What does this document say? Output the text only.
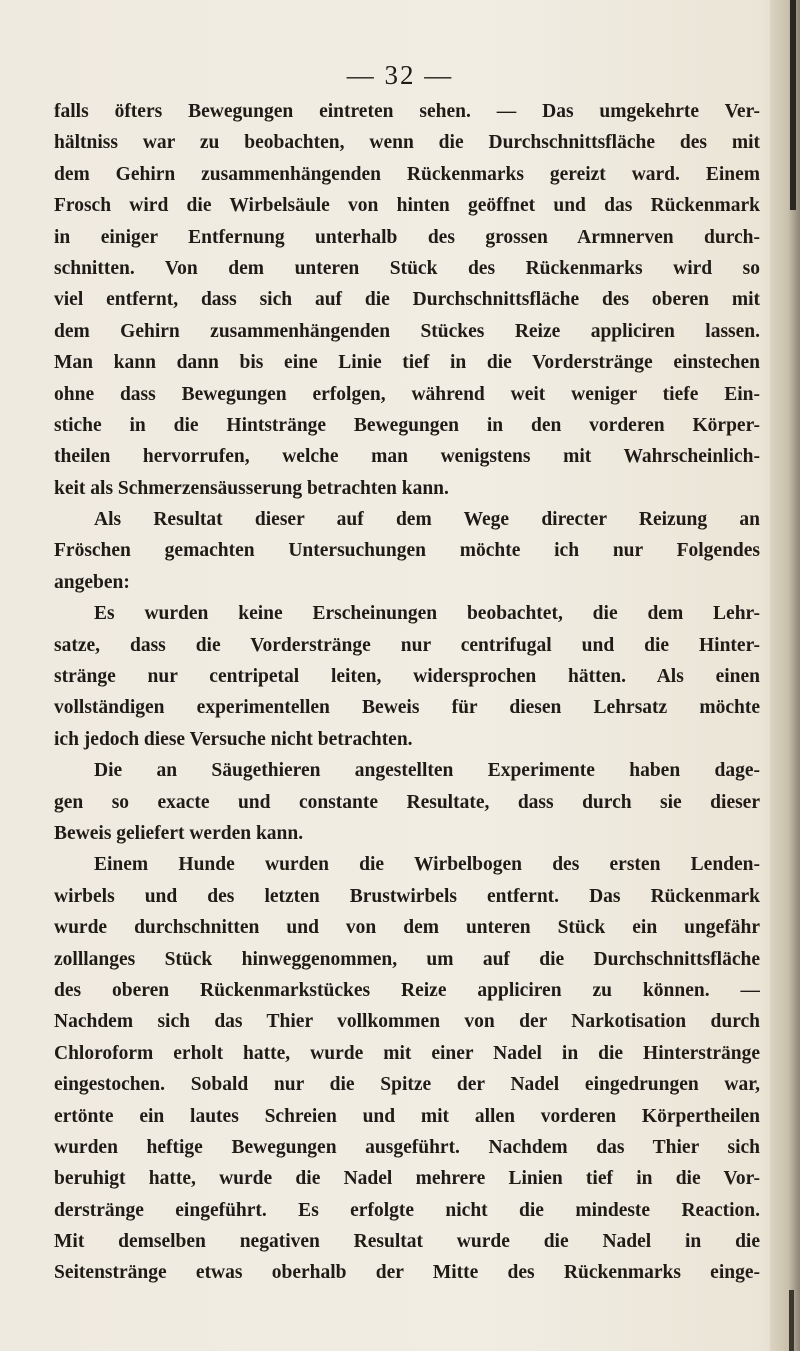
— 32 —
falls öfters Bewegungen eintreten sehen. — Das umgekehrte Ver-
hältniss war zu beobachten, wenn die Durchschnittsfläche des mit
dem Gehirn zusammenhängenden Rückenmarks gereizt ward. Einem
Frosch wird die Wirbelsäule von hinten geöffnet und das Rückenmark
in einiger Entfernung unterhalb des grossen Armnerven durch-
schnitten. Von dem unteren Stück des Rückenmarks wird so
viel entfernt, dass sich auf die Durchschnittsfläche des oberen mit
dem Gehirn zusammenhängenden Stückes Reize appliciren lassen.
Man kann dann bis eine Linie tief in die Vorderstränge einstechen
ohne dass Bewegungen erfolgen, während weit weniger tiefe Ein-
stiche in die Hintstränge Bewegungen in den vorderen Körper-
theilen hervorrufen, welche man wenigstens mit Wahrscheinlich-
keit als Schmerzensäusserung betrachten kann.
Als Resultat dieser auf dem Wege directer Reizung an
Fröschen gemachten Untersuchungen möchte ich nur Folgendes
angeben:
Es wurden keine Erscheinungen beobachtet, die dem Lehr-
satze, dass die Vorderstränge nur centrifugal und die Hinter-
stränge nur centripetal leiten, widersprochen hätten. Als einen
vollständigen experimentellen Beweis für diesen Lehrsatz möchte
ich jedoch diese Versuche nicht betrachten.
Die an Säugethieren angestellten Experimente haben dage-
gen so exacte und constante Resultate, dass durch sie dieser
Beweis geliefert werden kann.
Einem Hunde wurden die Wirbelbogen des ersten Lenden-
wirbels und des letzten Brustwirbels entfernt. Das Rückenmark
wurde durchschnitten und von dem unteren Stück ein ungefähr
zolllanges Stück hinweggenommen, um auf die Durchschnittsfläche
des oberen Rückenmarkstückes Reize appliciren zu können. —
Nachdem sich das Thier vollkommen von der Narkotisation durch
Chloroform erholt hatte, wurde mit einer Nadel in die Hinterstränge
eingestochen. Sobald nur die Spitze der Nadel eingedrungen war,
ertönte ein lautes Schreien und mit allen vorderen Körpertheilen
wurden heftige Bewegungen ausgeführt. Nachdem das Thier sich
beruhigt hatte, wurde die Nadel mehrere Linien tief in die Vor-
derstränge eingeführt. Es erfolgte nicht die mindeste Reaction.
Mit demselben negativen Resultat wurde die Nadel in die
Seitenstränge etwas oberhalb der Mitte des Rückenmarks einge-
